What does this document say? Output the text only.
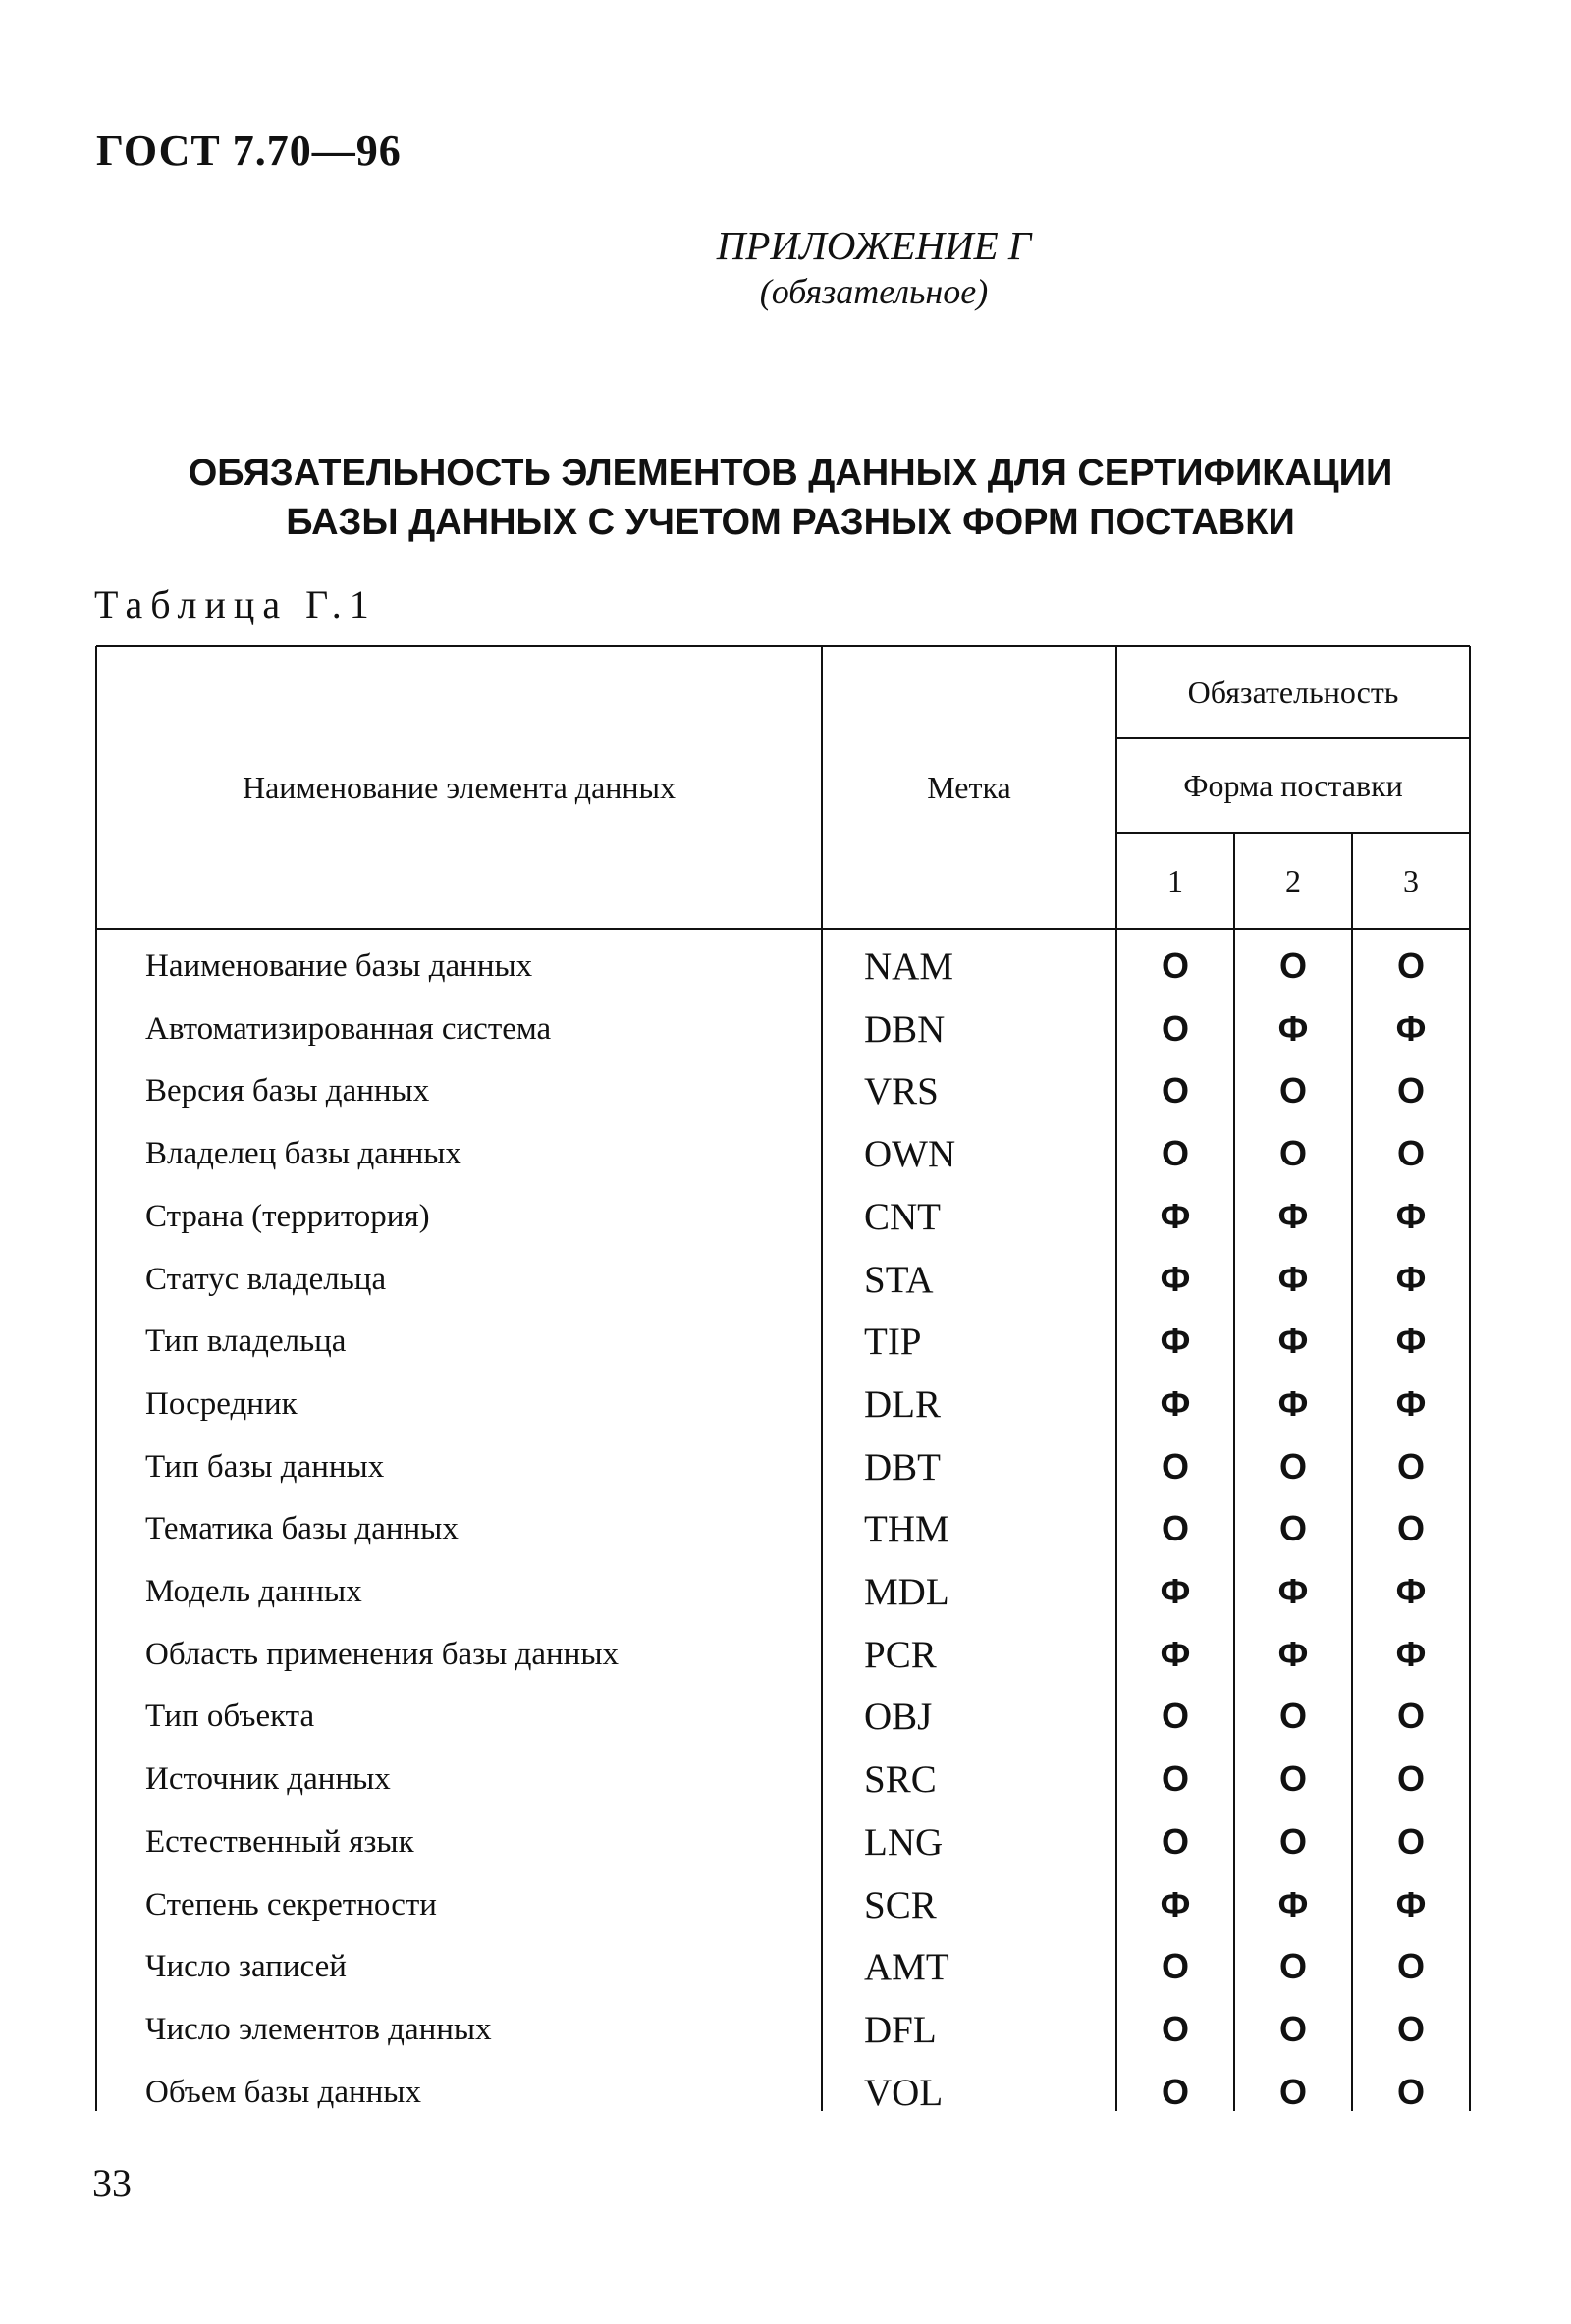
ГОСТ 7.70—96
ПРИЛОЖЕНИЕ Г
(обязательное)
ОБЯЗАТЕЛЬНОСТЬ ЭЛЕМЕНТОВ ДАННЫХ ДЛЯ СЕРТИФИКАЦИИ
БАЗЫ ДАННЫХ С УЧЕТОМ РАЗНЫХ ФОРМ ПОСТАВКИ
Таблица Г.1
Наименование элемента данных	Метка
Обязательность
Форма поставки
1	2	3
Наименование базы данных	NAM	О	О	О
Автоматизированная система	DBN	О	Ф	Ф
Версия базы данных	VRS	О	О	О
Владелец базы данных	OWN	О	О	О
Страна (территория)	CNT	Ф	Ф	Ф
Статус владельца	STA	Ф	Ф	Ф
Тип владельца	TIP	Ф	Ф	Ф
Посредник	DLR	Ф	Ф	Ф
Тип базы данных	DBT	О	О	О
Тематика базы данных	THM	О	О	О
Модель данных	MDL	Ф	Ф	Ф
Область применения базы данных	PCR	Ф	Ф	Ф
Тип объекта	OBJ	О	О	О
Источник данных	SRC	О	О	О
Естественный язык	LNG	О	О	О
Степень секретности	SCR	Ф	Ф	Ф
Число записей	AMT	О	О	О
Число элементов данных	DFL	О	О	О
Объем базы данных	VOL	О	О	О
33
